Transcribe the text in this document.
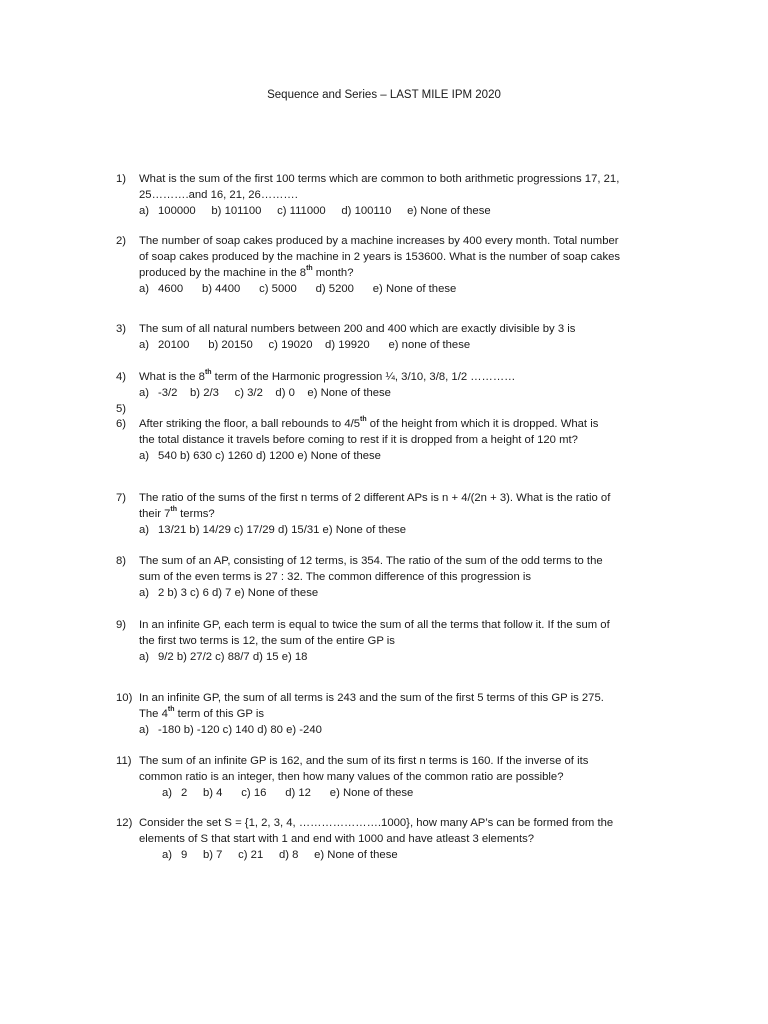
Sequence and Series – LAST MILE IPM 2020
1) What is the sum of the first 100 terms which are common to both arithmetic progressions 17, 21,
25……….and 16, 21, 26……….
a) 100000     b) 101100     c) 111000     d) 100110     e) None of these
2) The number of soap cakes produced by a machine increases by 400 every month. Total number
of soap cakes produced by the machine in 2 years is 153600. What is the number of soap cakes
produced by the machine in the 8th month?
a) 4600      b) 4400      c) 5000      d) 5200      e) None of these
3) The sum of all natural numbers between 200 and 400 which are exactly divisible by 3 is
a) 20100      b) 20150     c) 19020    d) 19920      e) none of these
4) What is the 8th term of the Harmonic progression ¼, 3/10, 3/8, 1/2 …………
a) -3/2    b) 2/3     c) 3/2    d) 0    e) None of these
5)
6) After striking the floor, a ball rebounds to 4/5th of the height from which it is dropped. What is
the total distance it travels before coming to rest if it is dropped from a height of 120 mt?
a) 540 b) 630 c) 1260 d) 1200 e) None of these
7) The ratio of the sums of the first n terms of 2 different APs is n + 4/(2n + 3). What is the ratio of
their 7th terms?
a) 13/21 b) 14/29 c) 17/29 d) 15/31 e) None of these
8) The sum of an AP, consisting of 12 terms, is 354. The ratio of the sum of the odd terms to the
sum of the even terms is 27 : 32. The common difference of this progression is
a) 2 b) 3 c) 6 d) 7 e) None of these
9) In an infinite GP, each term is equal to twice the sum of all the terms that follow it. If the sum of
the first two terms is 12, the sum of the entire GP is
a) 9/2 b) 27/2 c) 88/7 d) 15 e) 18
10) In an infinite GP, the sum of all terms is 243 and the sum of the first 5 terms of this GP is 275.
The 4th term of this GP is
a) -180 b) -120 c) 140 d) 80 e) -240
11) The sum of an infinite GP is 162, and the sum of its first n terms is 160. If the inverse of its
common ratio is an integer, then how many values of the common ratio are possible?
a) 2     b) 4      c) 16      d) 12      e) None of these
12) Consider the set S = {1, 2, 3, 4, ………………….1000}, how many AP’s can be formed from the
elements of S that start with 1 and end with 1000 and have atleast 3 elements?
a) 9     b) 7     c) 21     d) 8     e) None of these
